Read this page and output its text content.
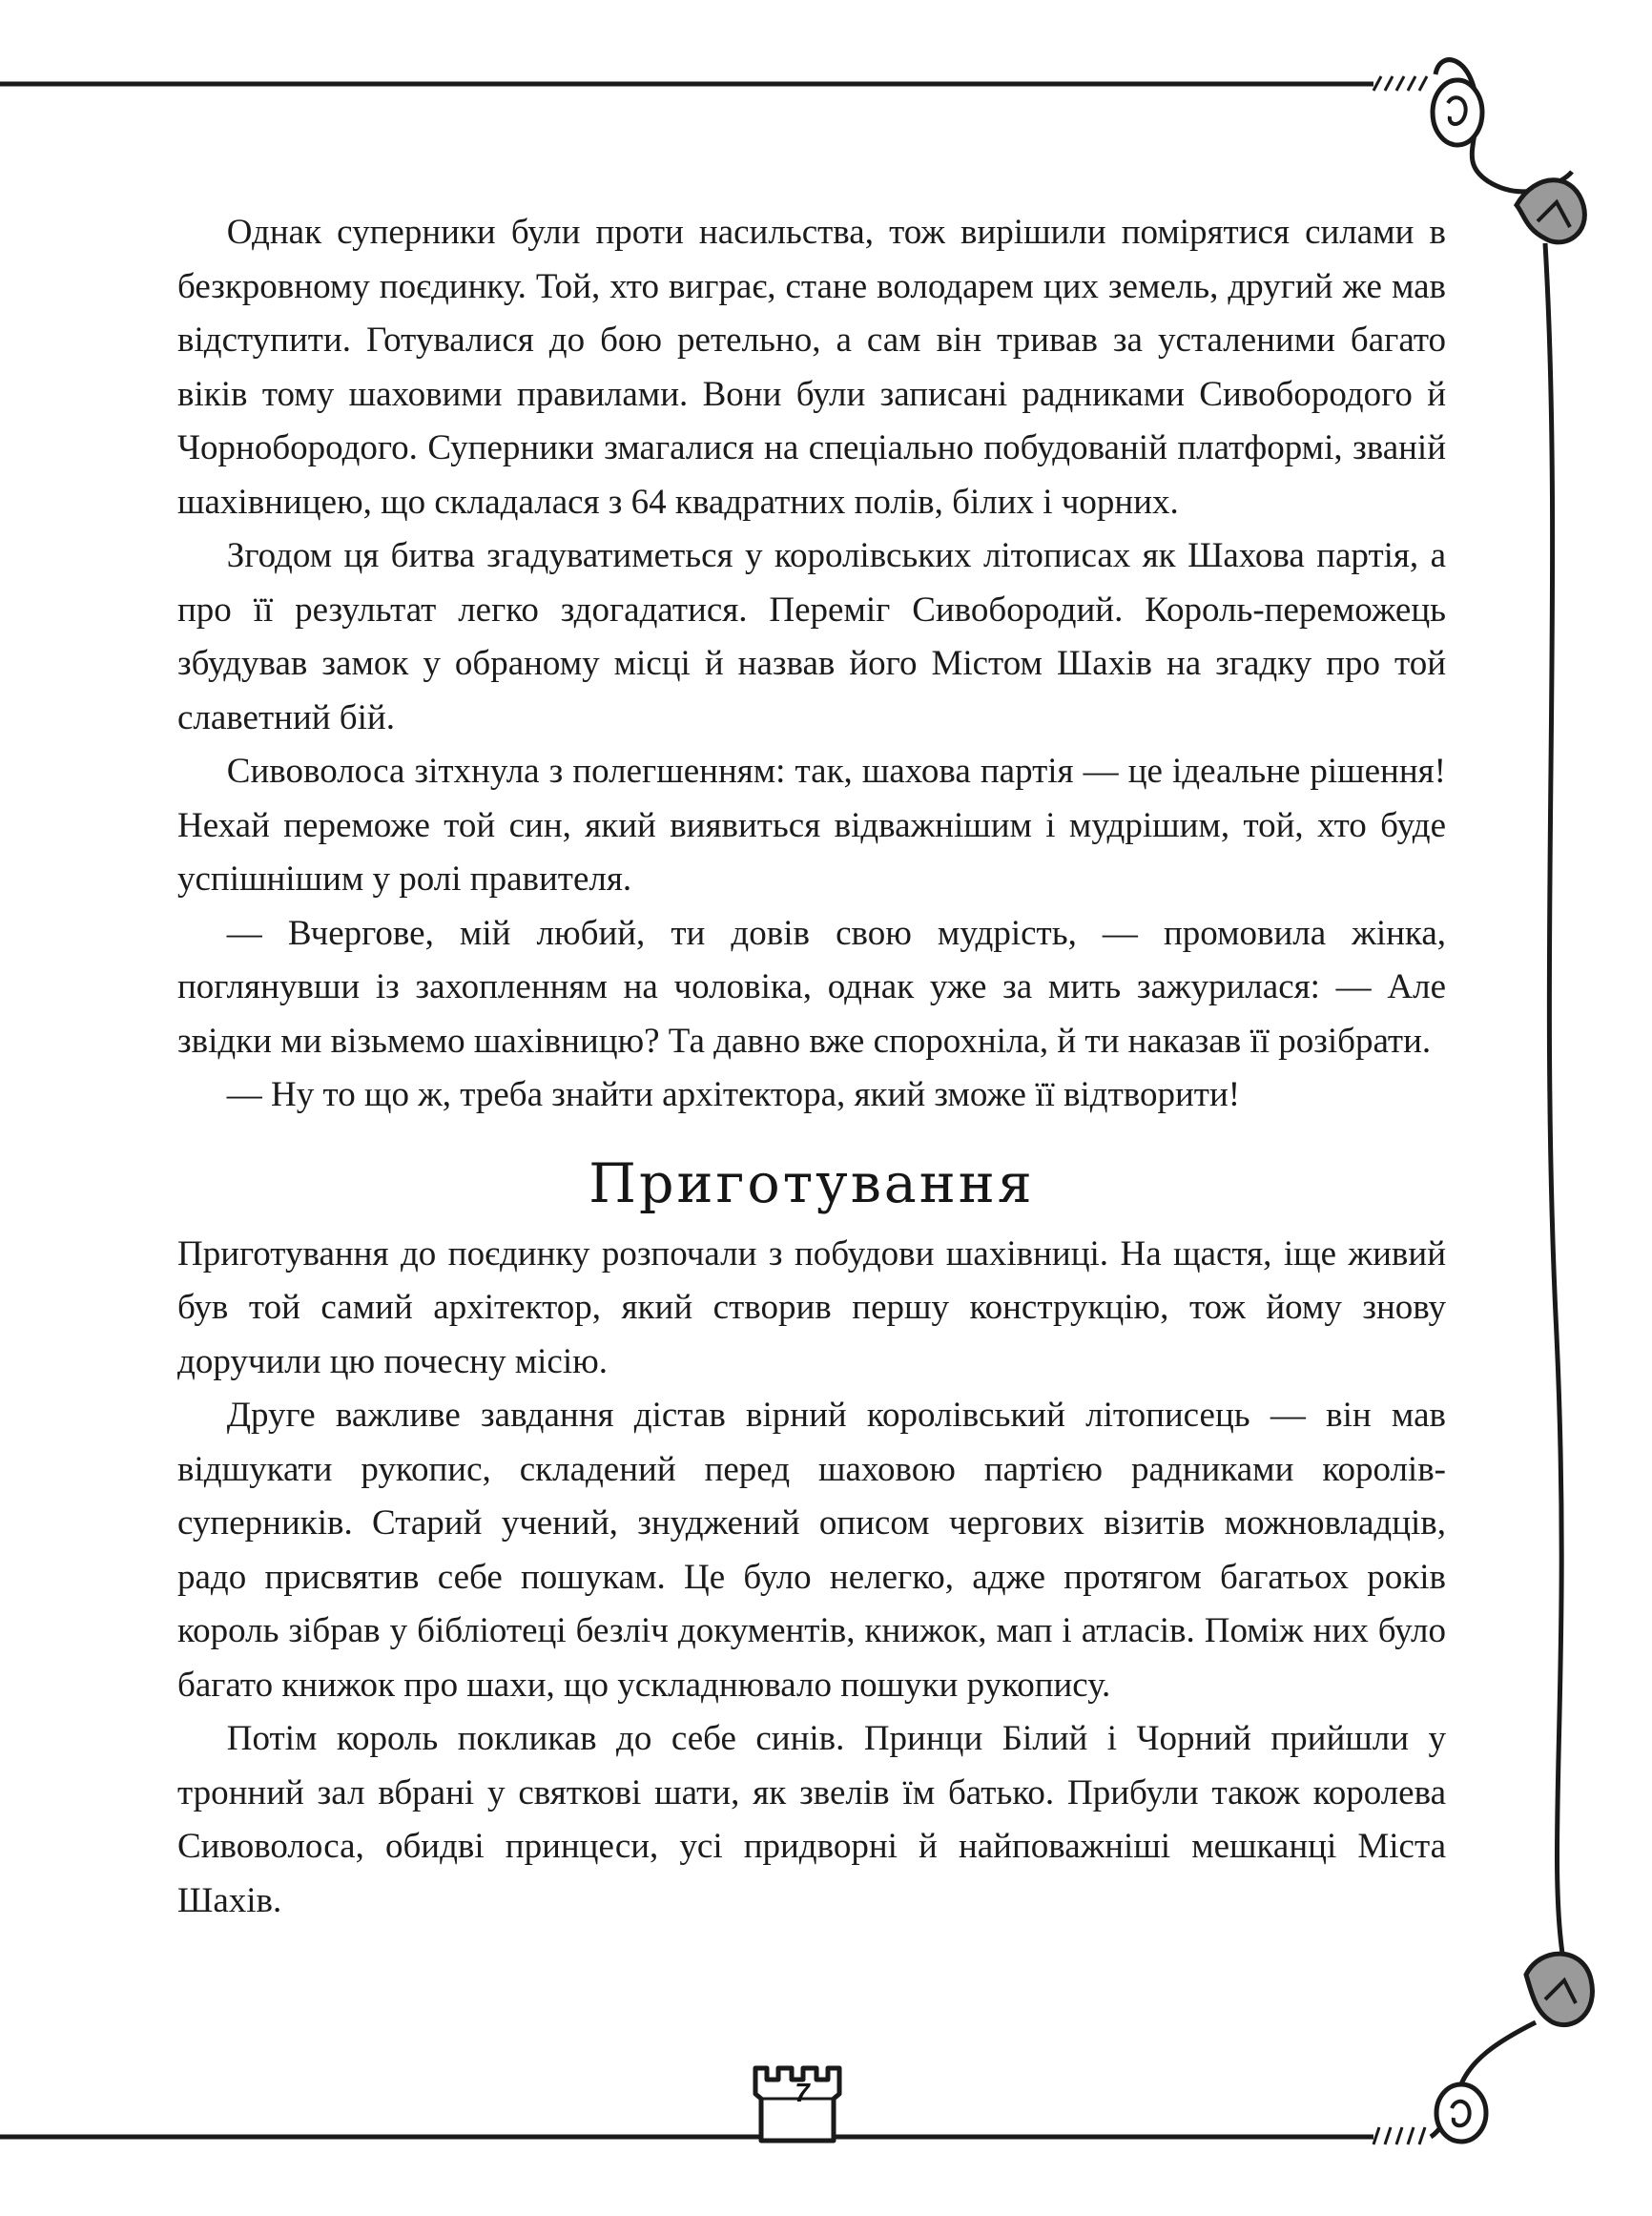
Однак суперники були проти насильства, тож вирішили помірятися силами в безкровному поєдинку. Той, хто виграє, стане володарем цих земель, другий же мав відступити. Готувалися до бою ретельно, а сам він тривав за усталеними багато віків тому шаховими правилами. Вони були записані радниками Сивобородого й Чорнобородого. Суперники змагалися на спеціально побудованій платформі, званій шахівницею, що складалася з 64 квадратних полів, білих і чорних.

Згодом ця битва згадуватиметься у королівських літописах як Шахова партія, а про її результат легко здогадатися. Переміг Сивобородий. Король-переможець збудував замок у обраному місці й назвав його Містом Шахів на згадку про той славетний бій.

Сивоволоса зітхнула з полегшенням: так, шахова партія — це ідеальне рішення! Нехай переможе той син, який виявиться відважнішим і мудрішим, той, хто буде успішнішим у ролі правителя.

— Вчергове, мій любий, ти довів свою мудрість, — промовила жінка, поглянувши із захопленням на чоловіка, однак уже за мить зажурилася: — Але звідки ми візьмемо шахівницю? Та давно вже спорохніла, й ти наказав її розібрати.

— Ну то що ж, треба знайти архітектора, який зможе її відтворити!

Приготування

Приготування до поєдинку розпочали з побудови шахівниці. На щастя, іще живий був той самий архітектор, який створив першу конструкцію, тож йому знову доручили цю почесну місію.

Друге важливе завдання дістав вірний королівський літописець — він мав відшукати рукопис, складений перед шаховою партією радниками королів-суперників. Старий учений, знуджений описом чергових візитів можновладців, радо присвятив себе пошукам. Це було нелегко, адже протягом багатьох років король зібрав у бібліотеці безліч документів, книжок, мап і атласів. Поміж них було багато книжок про шахи, що ускладнювало пошуки рукопису.

Потім король покликав до себе синів. Принци Білий і Чорний прийшли у тронний зал вбрані у святкові шати, як звелів їм батько. Прибули також королева Сивоволоса, обидві принцеси, усі придворні й найповажніші мешканці Міста Шахів.

7
